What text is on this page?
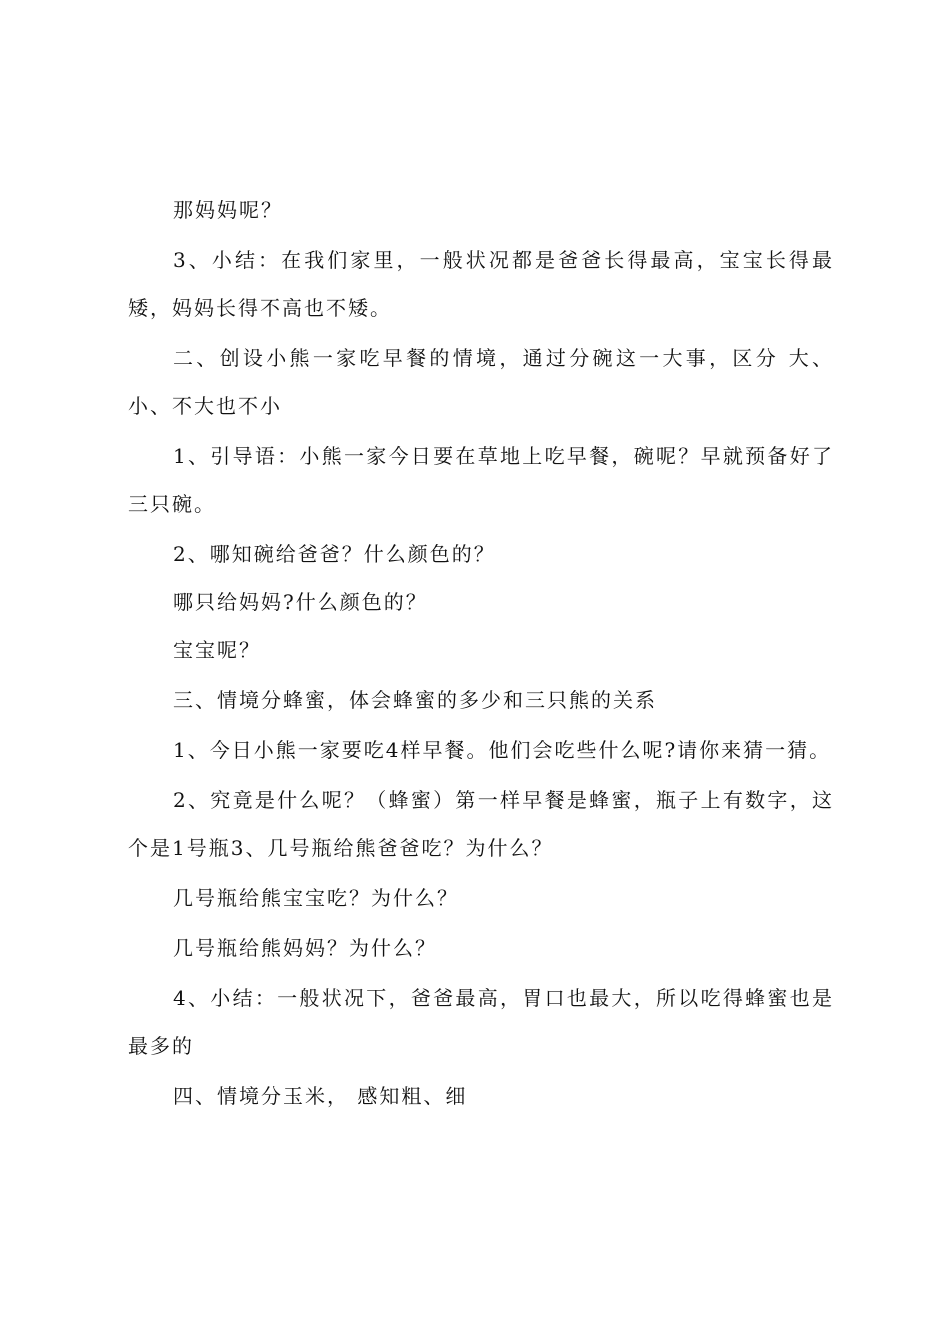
那妈妈呢？

3、小结：在我们家里，一般状况都是爸爸长得最高，宝宝长得最矮，妈妈长得不高也不矮。

二、创设小熊一家吃早餐的情境，通过分碗这一大事，区分 大、小、不大也不小

1、引导语：小熊一家今日要在草地上吃早餐，碗呢？早就预备好了三只碗。

2、哪知碗给爸爸？什么颜色的？

哪只给妈妈?什么颜色的？

宝宝呢？

三、情境分蜂蜜，体会蜂蜜的多少和三只熊的关系

1、今日小熊一家要吃4样早餐。他们会吃些什么呢?请你来猜一猜。

2、究竟是什么呢？（蜂蜜）第一样早餐是蜂蜜，瓶子上有数字，这个是1号瓶3、几号瓶给熊爸爸吃？为什么？

几号瓶给熊宝宝吃？为什么？

几号瓶给熊妈妈？为什么？

4、小结：一般状况下，爸爸最高，胃口也最大，所以吃得蜂蜜也是最多的

四、情境分玉米， 感知粗、细
